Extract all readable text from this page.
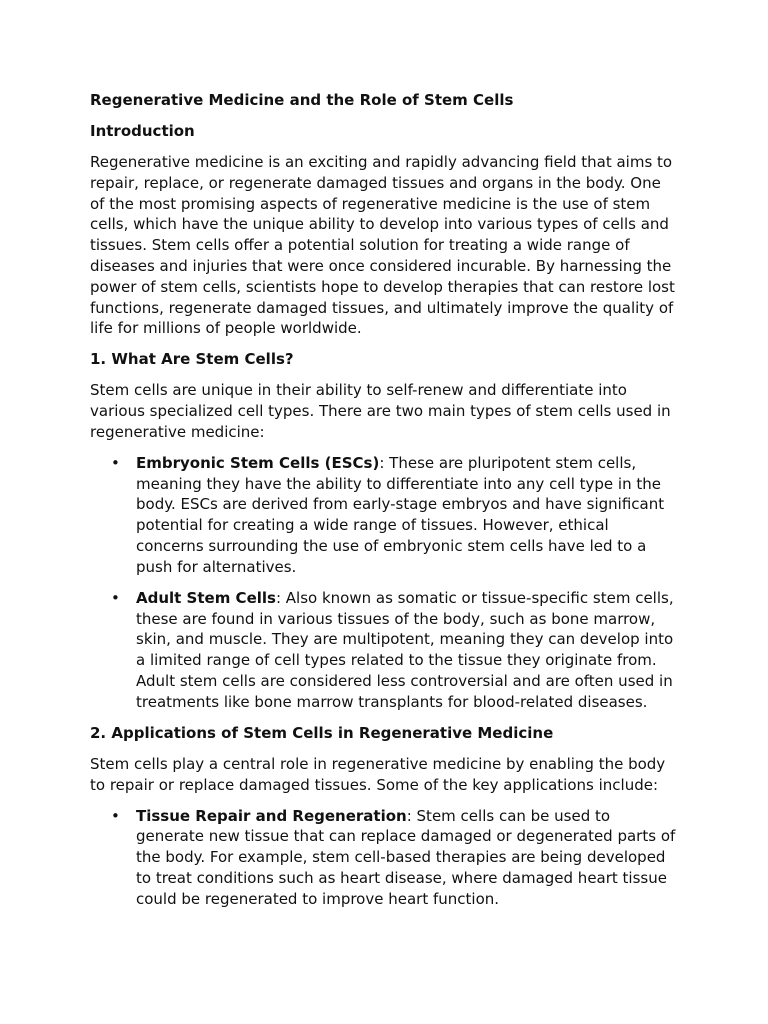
Regenerative Medicine and the Role of Stem Cells
Introduction

Regenerative medicine is an exciting and rapidly advancing field that aims to
repair, replace, or regenerate damaged tissues and organs in the body. One
of the most promising aspects of regenerative medicine is the use of stem
cells, which have the unique ability to develop into various types of cells and
tissues. Stem cells offer a potential solution for treating a wide range of
diseases and injuries that were once considered incurable. By harnessing the
power of stem cells, scientists hope to develop therapies that can restore lost
functions, regenerate damaged tissues, and ultimately improve the quality of
life for millions of people worldwide.

1. What Are Stem Cells?

Stem cells are unique in their ability to self-renew and differentiate into
various specialized cell types. There are two main types of stem cells used in
regenerative medicine:

• Embryonic Stem Cells (ESCs): These are pluripotent stem cells,
meaning they have the ability to differentiate into any cell type in the
body. ESCs are derived from early-stage embryos and have significant
potential for creating a wide range of tissues. However, ethical
concerns surrounding the use of embryonic stem cells have led to a
push for alternatives.
• Adult Stem Cells: Also known as somatic or tissue-specific stem cells,
these are found in various tissues of the body, such as bone marrow,
skin, and muscle. They are multipotent, meaning they can develop into
a limited range of cell types related to the tissue they originate from.
Adult stem cells are considered less controversial and are often used in
treatments like bone marrow transplants for blood-related diseases.
2. Applications of Stem Cells in Regenerative Medicine

Stem cells play a central role in regenerative medicine by enabling the body
to repair or replace damaged tissues. Some of the key applications include:

• Tissue Repair and Regeneration: Stem cells can be used to
generate new tissue that can replace damaged or degenerated parts of
the body. For example, stem cell-based therapies are being developed
to treat conditions such as heart disease, where damaged heart tissue
could be regenerated to improve heart function.
